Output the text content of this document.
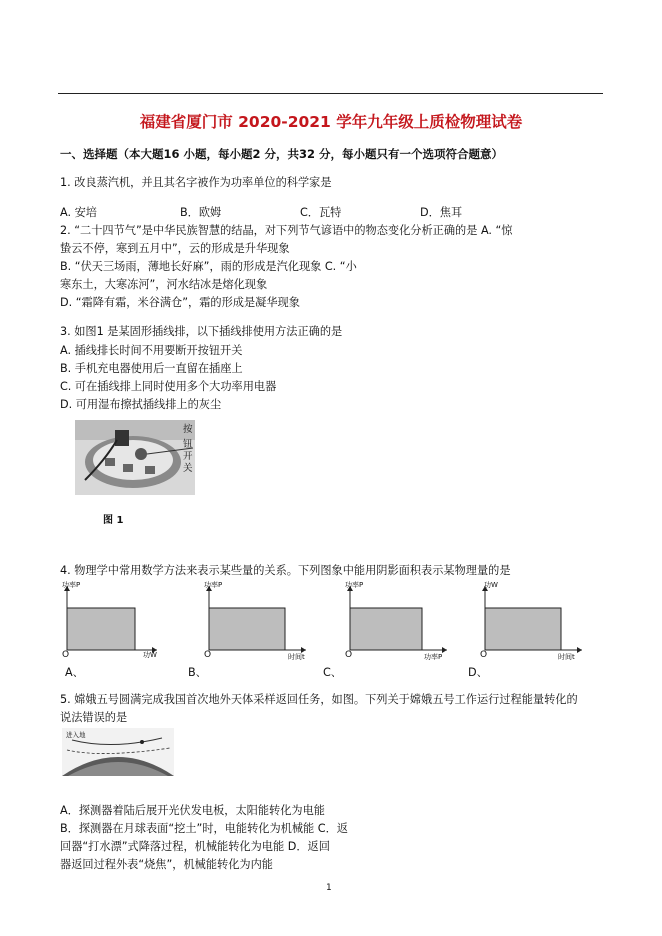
福建省厦门市 2020-2021 学年九年级上质检物理试卷
一、选择题（本大题16 小题，每小题2 分，共32 分，每小题只有一个选项符合题意）
1. 改良蒸汽机，并且其名字被作为功率单位的科学家是
A. 安培	B．欧姆	C．瓦特	D．焦耳
2. “二十四节气”是中华民族智慧的结晶，对下列节气谚语中的物态变化分析正确的是 A. “惊
蛰云不停，寒到五月中”，云的形成是升华现象
B. “伏天三场雨，薄地长好麻”，雨的形成是汽化现象 C. “小
寒东土，大寒冻河”，河水结冰是熔化现象
D. “霜降有霜，米谷满仓”，霜的形成是凝华现象
3. 如图1 是某固形插线排，以下插线排使用方法正确的是
A. 插线排长时间不用要断开按钮开关
B. 手机充电器使用后一直留在插座上
C. 可在插线排上同时使用多个大功率用电器
D. 可用湿布擦拭插线排上的灰尘
按
钮
开
关
图 1
4. 物理学中常用数学方法来表示某些量的关系。下列图象中能用阴影面积表示某物理量的是
功率P
功W
O
A、
功率P
时间t
O
B、
功率P
功率P
O
C、
功W
时间t
O
D、
5. 嫦娥五号圆满完成我国首次地外天体采样返回任务，如图。下列关于嫦娥五号工作运行过程能量转化的
说法错误的是
进入地
A．探测器着陆后展开光伏发电板，太阳能转化为电能
B．探测器在月球表面“挖土”时，电能转化为机械能 C．返
回器“打水漂”式降落过程，机械能转化为电能 D．返回
器返回过程外表“烧焦”，机械能转化为内能
1
